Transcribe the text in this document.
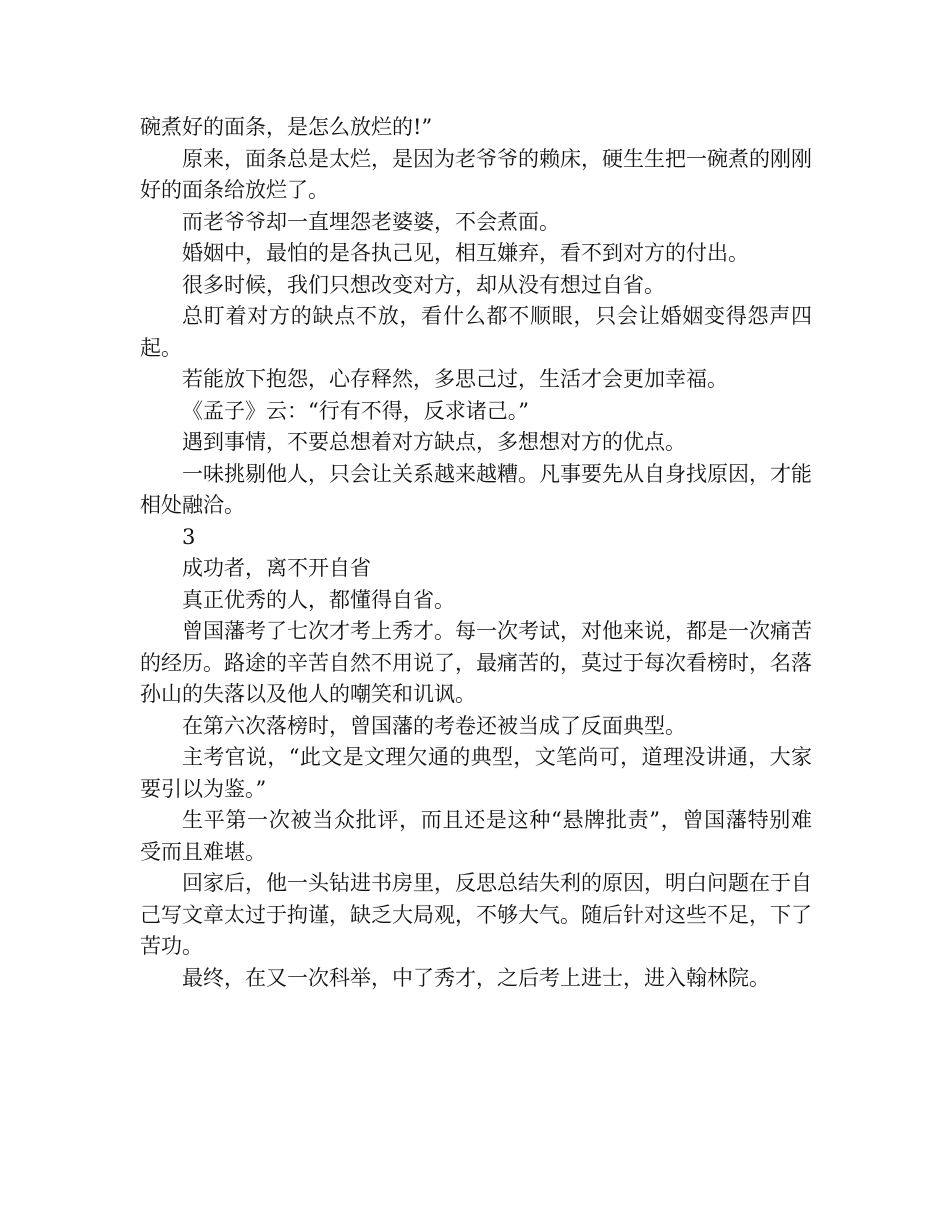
碗煮好的面条，是怎么放烂的!”

原来，面条总是太烂，是因为老爷爷的赖床，硬生生把一碗煮的刚刚好的面条给放烂了。

而老爷爷却一直埋怨老婆婆，不会煮面。

婚姻中，最怕的是各执己见，相互嫌弃，看不到对方的付出。

很多时候，我们只想改变对方，却从没有想过自省。

总盯着对方的缺点不放，看什么都不顺眼，只会让婚姻变得怨声四起。

若能放下抱怨，心存释然，多思己过，生活才会更加幸福。

《孟子》云：“行有不得，反求诸己。”

遇到事情，不要总想着对方缺点，多想想对方的优点。

一味挑剔他人，只会让关系越来越糟。凡事要先从自身找原因，才能相处融洽。

3

成功者，离不开自省

真正优秀的人，都懂得自省。

曾国藩考了七次才考上秀才。每一次考试，对他来说，都是一次痛苦的经历。路途的辛苦自然不用说了，最痛苦的，莫过于每次看榜时，名落孙山的失落以及他人的嘲笑和讥讽。

在第六次落榜时，曾国藩的考卷还被当成了反面典型。

主考官说，“此文是文理欠通的典型，文笔尚可，道理没讲通，大家要引以为鉴。”

生平第一次被当众批评，而且还是这种“悬牌批责”，曾国藩特别难受而且难堪。

回家后，他一头钻进书房里，反思总结失利的原因，明白问题在于自己写文章太过于拘谨，缺乏大局观，不够大气。随后针对这些不足，下了苦功。

最终，在又一次科举，中了秀才，之后考上进士，进入翰林院。
